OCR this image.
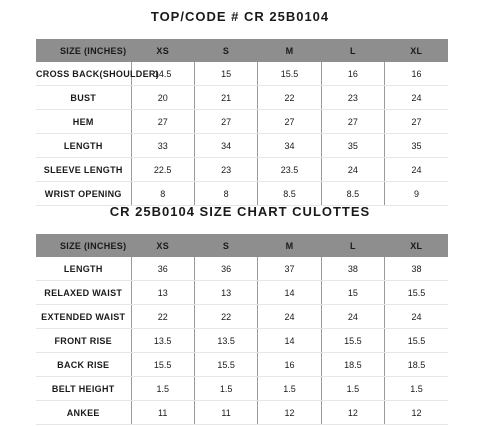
TOP/CODE # CR 25B0104
SIZE (INCHES)	XS	S	M	L	XL
CROSS BACK(SHOULDER)	14.5	15	15.5	16	16
BUST	20	21	22	23	24
HEM	27	27	27	27	27
LENGTH	33	34	34	35	35
SLEEVE LENGTH	22.5	23	23.5	24	24
WRIST OPENING	8	8	8.5	8.5	9
CR 25B0104 SIZE CHART CULOTTES
SIZE (INCHES)	XS	S	M	L	XL
LENGTH	36	36	37	38	38
RELAXED WAIST	13	13	14	15	15.5
EXTENDED WAIST	22	22	24	24	24
FRONT RISE	13.5	13.5	14	15.5	15.5
BACK RISE	15.5	15.5	16	18.5	18.5
BELT HEIGHT	1.5	1.5	1.5	1.5	1.5
ANKEE	11	11	12	12	12
